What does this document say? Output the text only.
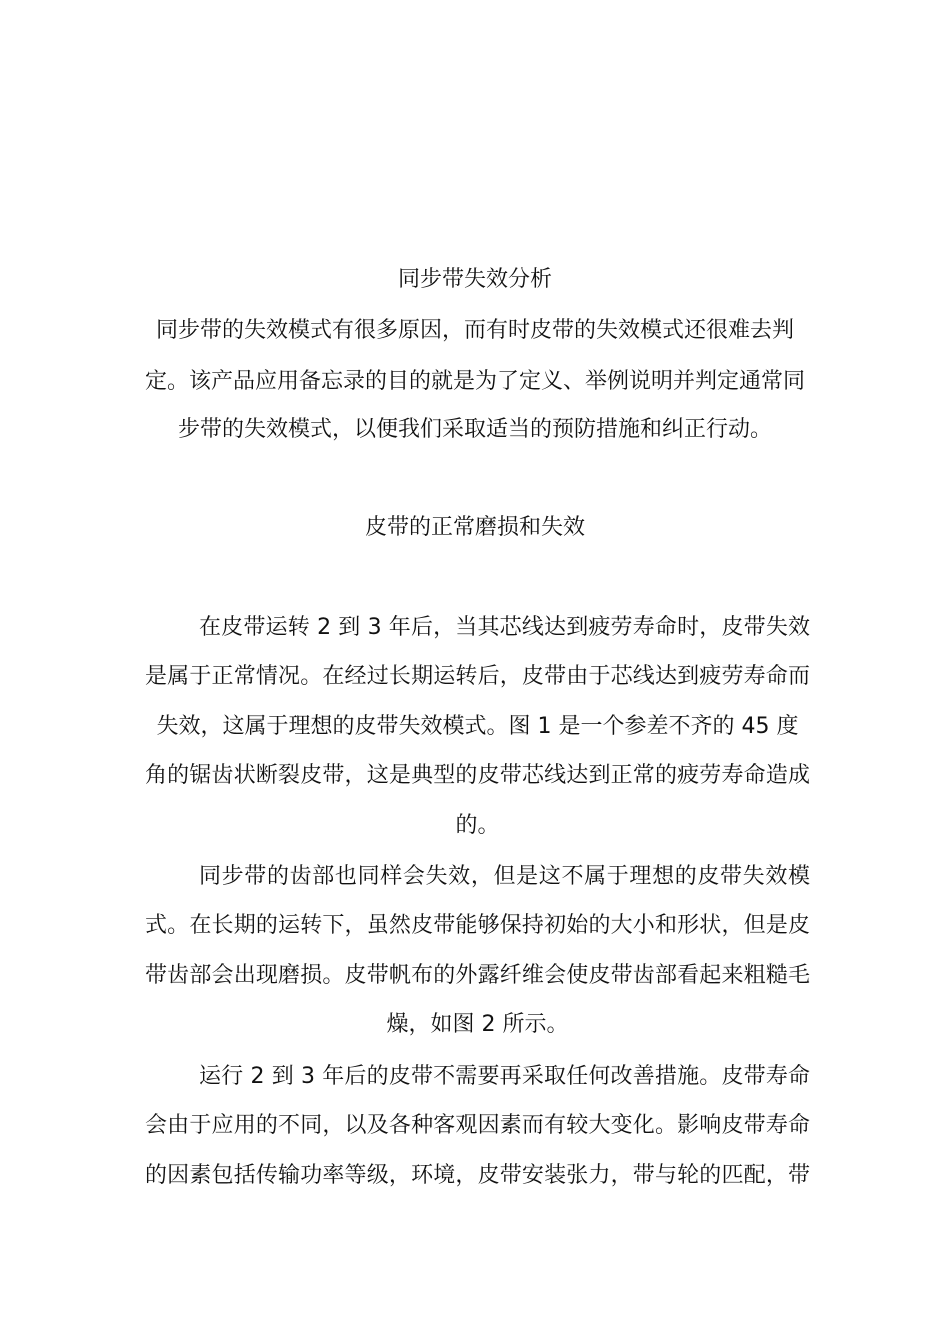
同步带失效分析
同步带的失效模式有很多原因，而有时皮带的失效模式还很难去判
定。该产品应用备忘录的目的就是为了定义、举例说明并判定通常同
步带的失效模式，以便我们采取适当的预防措施和纠正行动。
皮带的正常磨损和失效
在皮带运转 2 到 3 年后，当其芯线达到疲劳寿命时，皮带失效
是属于正常情况。在经过长期运转后，皮带由于芯线达到疲劳寿命而
失效，这属于理想的皮带失效模式。图 1 是一个参差不齐的 45 度
角的锯齿状断裂皮带，这是典型的皮带芯线达到正常的疲劳寿命造成
的。
同步带的齿部也同样会失效，但是这不属于理想的皮带失效模
式。在长期的运转下，虽然皮带能够保持初始的大小和形状，但是皮
带齿部会出现磨损。皮带帆布的外露纤维会使皮带齿部看起来粗糙毛
燥，如图 2 所示。
运行 2 到 3 年后的皮带不需要再采取任何改善措施。皮带寿命
会由于应用的不同，以及各种客观因素而有较大变化。影响皮带寿命
的因素包括传输功率等级，环境，皮带安装张力，带与轮的匹配，带
